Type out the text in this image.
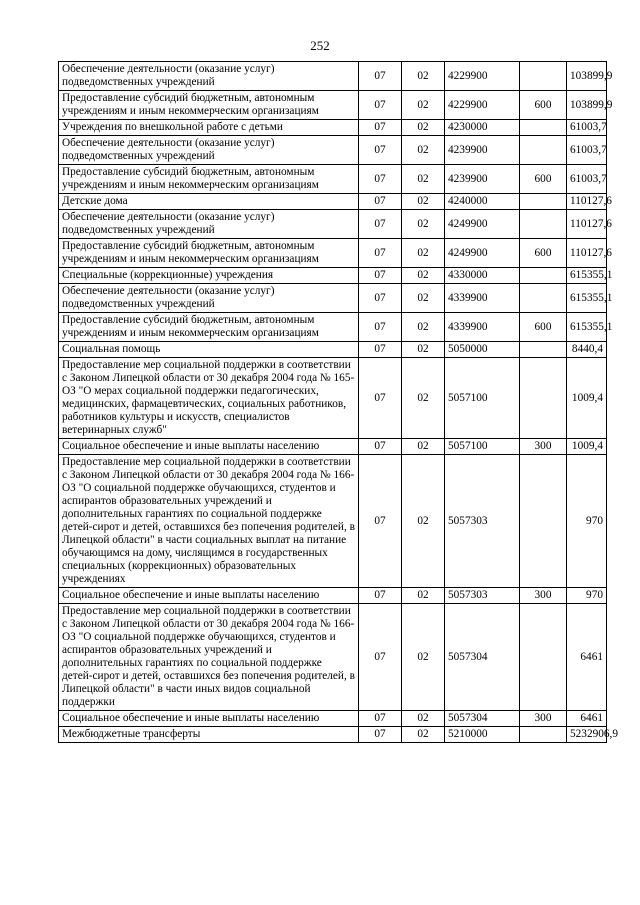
252
Обеспечение деятельности (оказание услуг) подведомственных учреждений	07	02	4229900		103899,9
Предоставление субсидий бюджетным, автономным учреждениям и иным некоммерческим организациям	07	02	4229900	600	103899,9
Учреждения по внешкольной работе с детьми	07	02	4230000		61003,7
Обеспечение деятельности (оказание услуг) подведомственных учреждений	07	02	4239900		61003,7
Предоставление субсидий бюджетным, автономным учреждениям и иным некоммерческим организациям	07	02	4239900	600	61003,7
Детские дома	07	02	4240000		110127,6
Обеспечение деятельности (оказание услуг) подведомственных учреждений	07	02	4249900		110127,6
Предоставление субсидий бюджетным, автономным учреждениям и иным некоммерческим организациям	07	02	4249900	600	110127,6
Специальные (коррекционные) учреждения	07	02	4330000		615355,1
Обеспечение деятельности (оказание услуг) подведомственных учреждений	07	02	4339900		615355,1
Предоставление субсидий бюджетным, автономным учреждениям и иным некоммерческим организациям	07	02	4339900	600	615355,1
Социальная помощь	07	02	5050000		8440,4
Предоставление мер социальной поддержки в соответствии с Законом Липецкой области от 30 декабря 2004 года № 165-ОЗ "О мерах социальной поддержки педагогических, медицинских, фармацевтических, социальных работников, работников культуры и искусств, специалистов ветеринарных служб"	07	02	5057100		1009,4
Социальное обеспечение и иные выплаты населению	07	02	5057100	300	1009,4
Предоставление мер социальной поддержки в соответствии с Законом Липецкой области от 30 декабря 2004 года № 166-ОЗ "О социальной поддержке обучающихся, студентов и аспирантов образовательных учреждений и дополнительных гарантиях по социальной поддержке детей-сирот и детей, оставшихся без попечения родителей, в Липецкой области" в части социальных выплат на питание обучающимся на дому, числящимся в государственных специальных (коррекционных) образовательных учреждениях	07	02	5057303		970
Социальное обеспечение и иные выплаты населению	07	02	5057303	300	970
Предоставление мер социальной поддержки в соответствии с Законом Липецкой области от 30 декабря 2004 года № 166-ОЗ "О социальной поддержке обучающихся, студентов и аспирантов образовательных учреждений и дополнительных гарантиях по социальной поддержке детей-сирот и детей, оставшихся без попечения родителей, в Липецкой области" в части иных видов социальной поддержки	07	02	5057304		6461
Социальное обеспечение и иные выплаты населению	07	02	5057304	300	6461
Межбюджетные трансферты	07	02	5210000		5232906,9
